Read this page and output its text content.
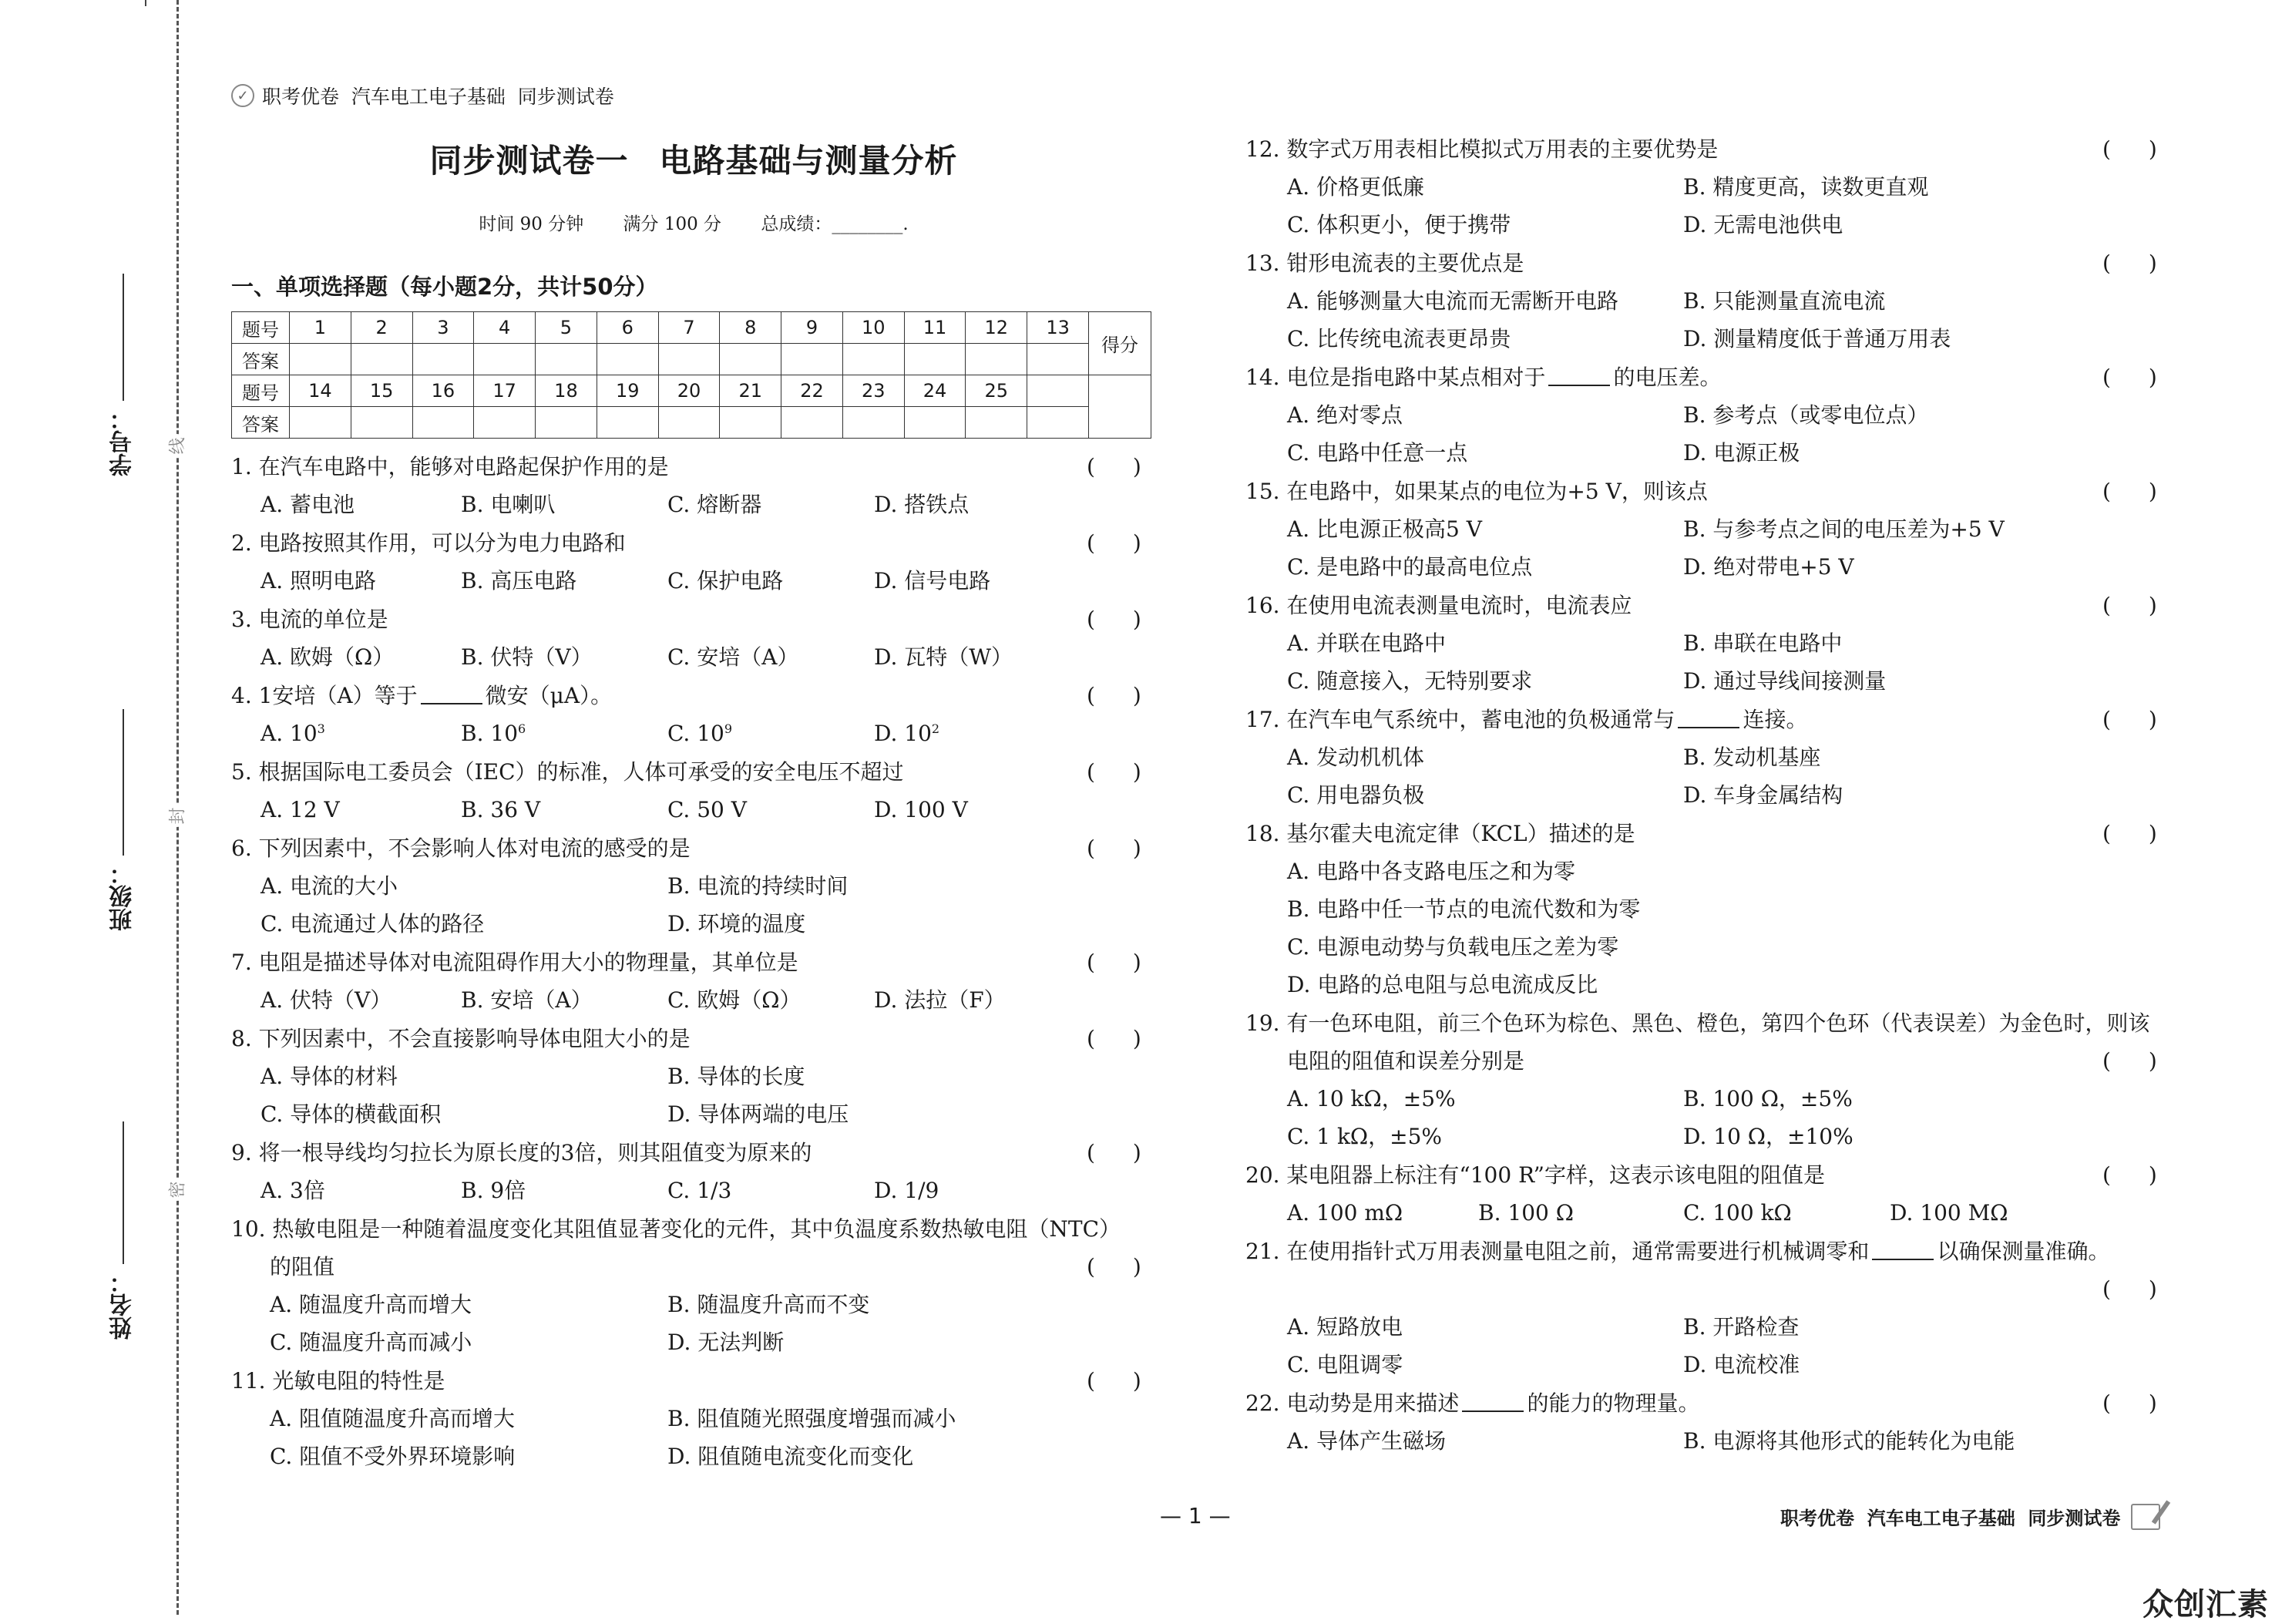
学号：
班级：
姓名：
线
封
密
✓ 职考优卷  汽车电工电子基础  同步测试卷
同步测试卷一 电路基础与测量分析
时间 90 分钟 满分 100 分 总成绩：________.
一、单项选择题（每小题2分，共计50分）
题号	1	2	3	4	5	6	7	8	9	10	11	12	13	得分
答案														
题号	14	15	16	17	18	19	20	21	22	23	24	25		
答案														
1. 在汽车电路中，能够对电路起保护作用的是	( )
A. 蓄电池	B. 电喇叭	C. 熔断器	D. 搭铁点
2. 电路按照其作用，可以分为电力电路和	( )
A. 照明电路	B. 高压电路	C. 保护电路	D. 信号电路
3. 电流的单位是	( )
A. 欧姆（Ω）	B. 伏特（V）	C. 安培（A）	D. 瓦特（W）
4. 1安培（A）等于	微安（μA）。	( )
A. $10^3$	B. $10^6$	C. $10^9$	D. $10^2$
5. 根据国际电工委员会（IEC）的标准，人体可承受的安全电压不超过	( )
A. 12 V	B. 36 V	C. 50 V	D. 100 V
6. 下列因素中，不会影响人体对电流的感受的是	( )
A. 电流的大小	B. 电流的持续时间
C. 电流通过人体的路径	D. 环境的温度
7. 电阻是描述导体对电流阻碍作用大小的物理量，其单位是	( )
A. 伏特（V）	B. 安培（A）	C. 欧姆（Ω）	D. 法拉（F）
8. 下列因素中，不会直接影响导体电阻大小的是	( )
A. 导体的材料	B. 导体的长度
C. 导体的横截面积	D. 导体两端的电压
9. 将一根导线均匀拉长为原长度的3倍，则其阻值变为原来的	( )
A. 3倍	B. 9倍	C. 1/3	D. 1/9
10. 热敏电阻是一种随着温度变化其阻值显著变化的元件，其中负温度系数热敏电阻（NTC）
的阻值	( )
A. 随温度升高而增大	B. 随温度升高而不变
C. 随温度升高而减小	D. 无法判断
11. 光敏电阻的特性是	( )
A. 阻值随温度升高而增大	B. 阻值随光照强度增强而减小
C. 阻值不受外界环境影响	D. 阻值随电流变化而变化
12. 数字式万用表相比模拟式万用表的主要优势是	( )
A. 价格更低廉	B. 精度更高，读数更直观
C. 体积更小，便于携带	D. 无需电池供电
13. 钳形电流表的主要优点是	( )
A. 能够测量大电流而无需断开电路	B. 只能测量直流电流
C. 比传统电流表更昂贵	D. 测量精度低于普通万用表
14. 电位是指电路中某点相对于	的电压差。	( )
A. 绝对零点	B. 参考点（或零电位点）
C. 电路中任意一点	D. 电源正极
15. 在电路中，如果某点的电位为+5 V，则该点	( )
A. 比电源正极高5 V	B. 与参考点之间的电压差为+5 V
C. 是电路中的最高电位点	D. 绝对带电+5 V
16. 在使用电流表测量电流时，电流表应	( )
A. 并联在电路中	B. 串联在电路中
C. 随意接入，无特别要求	D. 通过导线间接测量
17. 在汽车电气系统中，蓄电池的负极通常与	连接。	( )
A. 发动机机体	B. 发动机基座
C. 用电器负极	D. 车身金属结构
18. 基尔霍夫电流定律（KCL）描述的是	( )
A. 电路中各支路电压之和为零
B. 电路中任一节点的电流代数和为零
C. 电源电动势与负载电压之差为零
D. 电路的总电阻与总电流成反比
19. 有一色环电阻，前三个色环为棕色、黑色、橙色，第四个色环（代表误差）为金色时，则该
电阻的阻值和误差分别是	( )
A. 10 kΩ，±5%	B. 100 Ω，±5%
C. 1 kΩ，±5%	D. 10 Ω，±10%
20. 某电阻器上标注有“100 R”字样，这表示该电阻的阻值是	( )
A. 100 mΩ	B. 100 Ω	C. 100 kΩ	D. 100 MΩ
21. 在使用指针式万用表测量电阻之前，通常需要进行机械调零和	以确保测量准确。
( )
A. 短路放电	B. 开路检查
C. 电阻调零	D. 电流校准
22. 电动势是用来描述	的能力的物理量。	( )
A. 导体产生磁场	B. 电源将其他形式的能转化为电能
— 1 —	职考优卷  汽车电工电子基础  同步测试卷
众创汇素
